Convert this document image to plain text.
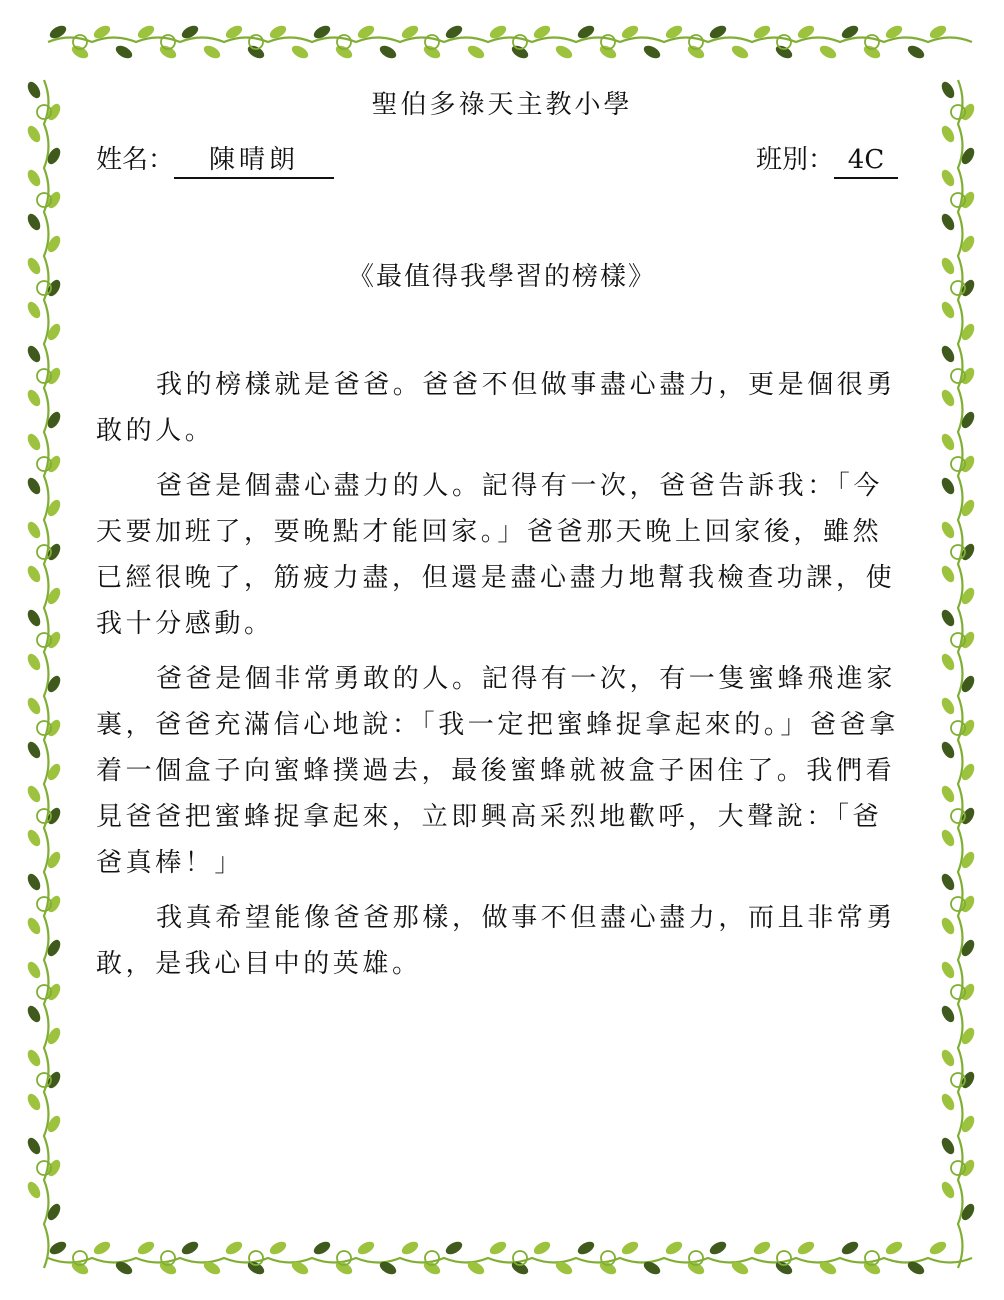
聖伯多祿天主教小學
姓名： 陳晴朗	班別： 4C
《最值得我學習的榜樣》

我的榜樣就是爸爸。爸爸不但做事盡心盡力，更是個很勇敢的人。

爸爸是個盡心盡力的人。記得有一次，爸爸告訴我：「今天要加班了，要晚點才能回家。」爸爸那天晚上回家後，雖然已經很晚了，筋疲力盡，但還是盡心盡力地幫我檢查功課，使我十分感動。

爸爸是個非常勇敢的人。記得有一次，有一隻蜜蜂飛進家裏，爸爸充滿信心地說：「我一定把蜜蜂捉拿起來的。」爸爸拿着一個盒子向蜜蜂撲過去，最後蜜蜂就被盒子困住了。我們看見爸爸把蜜蜂捉拿起來，立即興高采烈地歡呼，大聲說：「爸爸真棒！」

我真希望能像爸爸那樣，做事不但盡心盡力，而且非常勇敢，是我心目中的英雄。
